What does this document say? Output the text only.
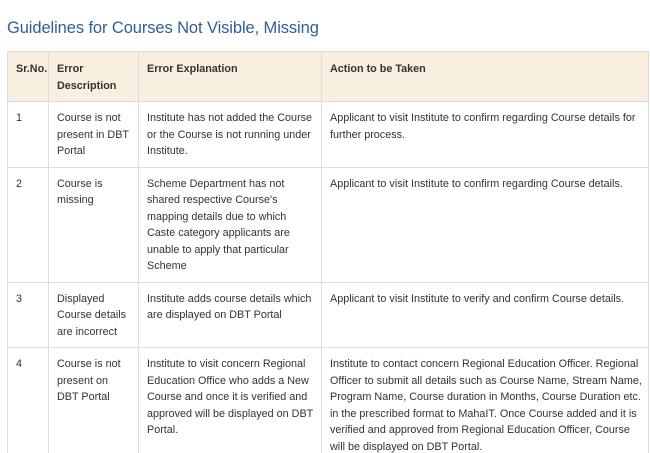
Guidelines for Courses Not Visible, Missing
Sr.No.	Error Description	Error Explanation	Action to be Taken
1	Course is not present in DBT Portal	Institute has not added the Course or the Course is not running under Institute.	Applicant to visit Institute to confirm regarding Course details for further process.
2	Course is missing	Scheme Department has not shared respective Course's mapping details due to which Caste category applicants are unable to apply that particular Scheme	Applicant to visit Institute to confirm regarding Course details.
3	Displayed Course details are incorrect	Institute adds course details which are displayed on DBT Portal	Applicant to visit Institute to verify and confirm Course details.
4	Course is not present on DBT Portal	Institute to visit concern Regional Education Office who adds a New Course and once it is verified and approved will be displayed on DBT Portal.	Institute to contact concern Regional Education Officer. Regional Officer to submit all details such as Course Name, Stream Name, Program Name, Course duration in Months, Course Duration etc. in the prescribed format to MahaIT. Once Course added and it is verified and approved from Regional Education Officer, Course will be displayed on DBT Portal.
